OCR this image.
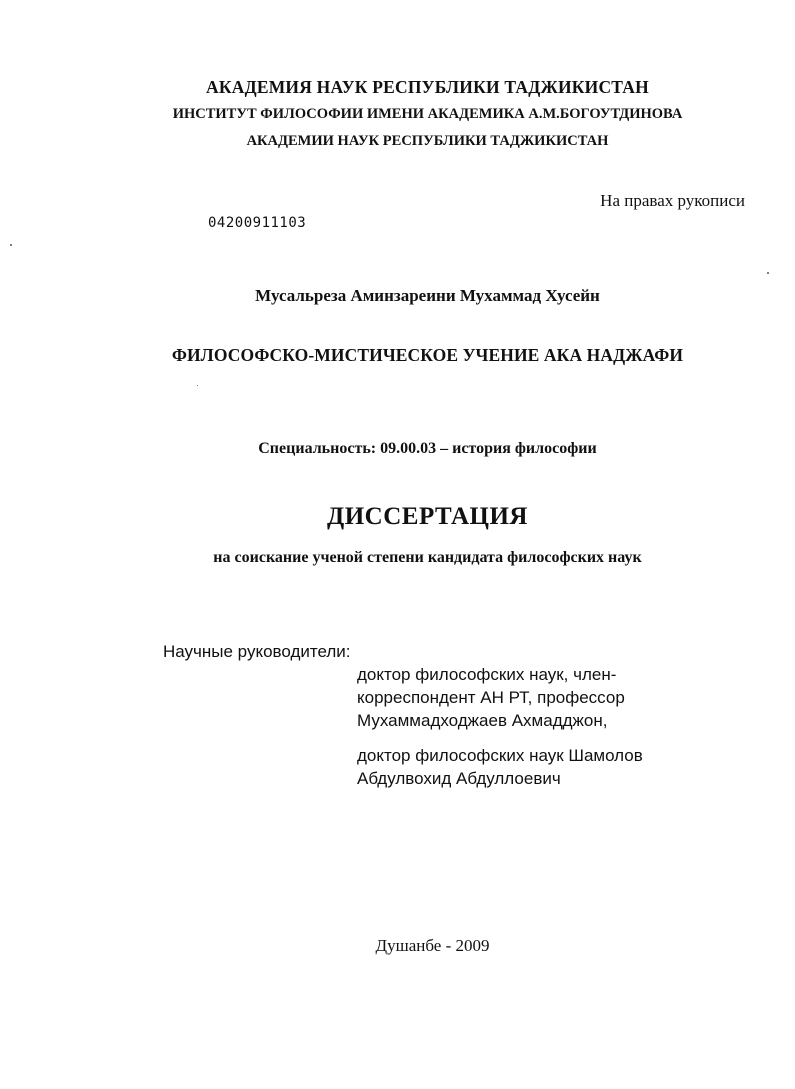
АКАДЕМИЯ НАУК РЕСПУБЛИКИ ТАДЖИКИСТАН
ИНСТИТУТ ФИЛОСОФИИ ИМЕНИ АКАДЕМИКА А.М.БОГОУТДИНОВА
АКАДЕМИИ НАУК РЕСПУБЛИКИ ТАДЖИКИСТАН
На правах рукописи
04200911103
Мусальреза Аминзареини Мухаммад Хусейн
ФИЛОСОФСКО-МИСТИЧЕСКОЕ УЧЕНИЕ АКА НАДЖАФИ
Специальность: 09.00.03 – история философии
ДИССЕРТАЦИЯ
на соискание ученой степени кандидата философских наук
Научные руководители:
доктор философских наук, член-
корреспондент АН РТ, профессор
Мухаммадходжаев Ахмадджон,
доктор философских наук Шамолов
Абдулвохид Абдуллоевич
Душанбе - 2009
